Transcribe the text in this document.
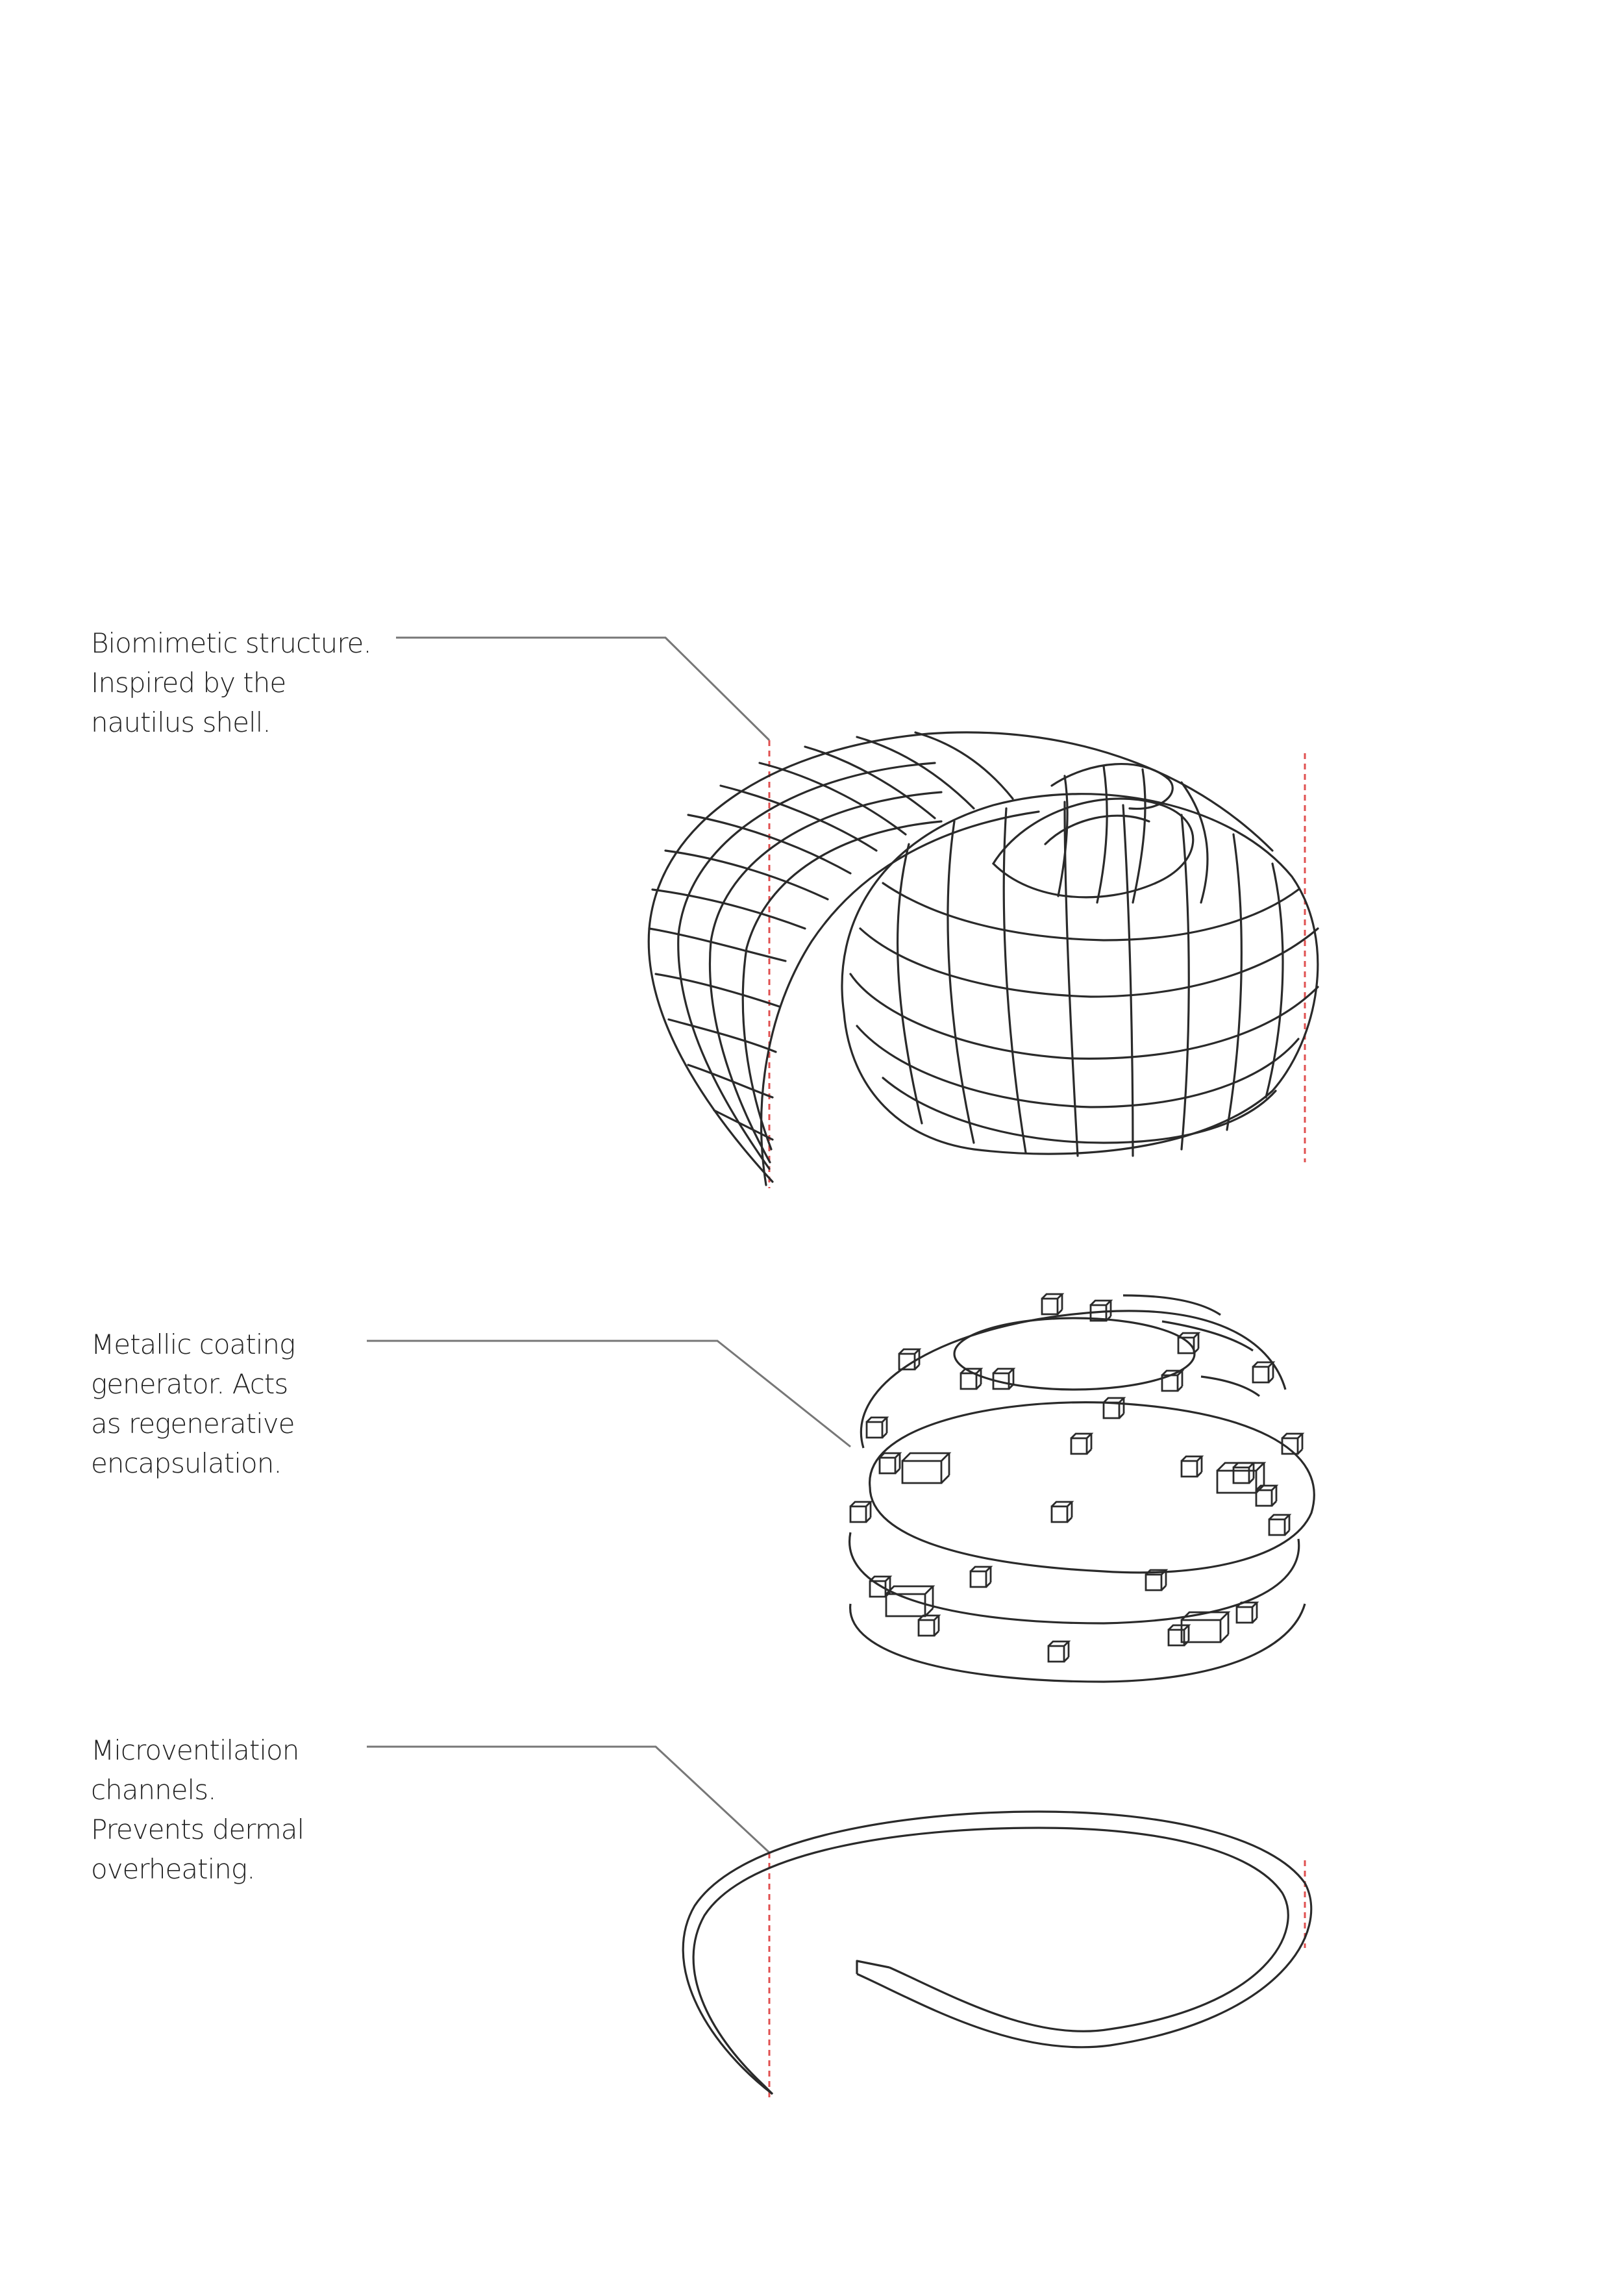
Biomimetic structure.
Inspired by the
nautilus shell.
Metallic coating
generator. Acts
as regenerative
encapsulation.
Microventilation
channels.
Prevents dermal
overheating.
